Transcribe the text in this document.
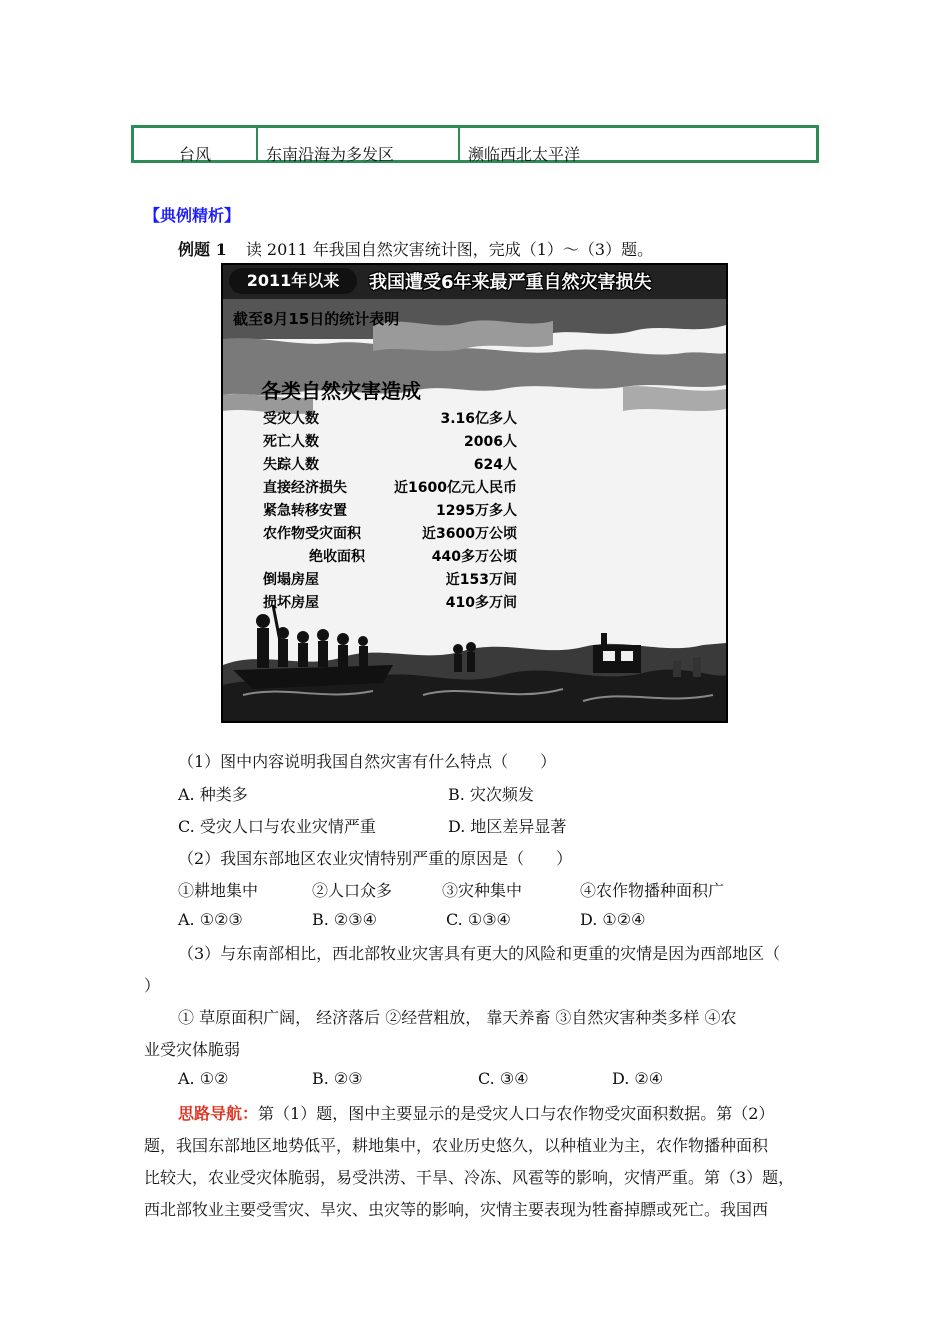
台风	东南沿海为多发区	濒临西北太平洋
【典例精析】
例题 1 读 2011 年我国自然灾害统计图，完成（1）～（3）题。
2011年以来	我国遭受6年来最严重自然灾害损失
截至8月15日的统计表明
各类自然灾害造成
受灾人数	3.16亿多人
死亡人数	2006人
失踪人数	624人
直接经济损失	近1600亿元人民币
紧急转移安置	1295万多人
农作物受灾面积	近3600万公顷
绝收面积	440多万公顷
倒塌房屋	近153万间
损坏房屋	410多万间
（1）图中内容说明我国自然灾害有什么特点（　　）
A. 种类多	B. 灾次频发
C. 受灾人口与农业灾情严重	D. 地区差异显著
（2）我国东部地区农业灾情特别严重的原因是（　　）
①耕地集中	②人口众多	③灾种集中	④农作物播种面积广
A. ①②③	B. ②③④	C. ①③④	D. ①②④
（3）与东南部相比，西北部牧业灾害具有更大的风险和更重的灾情是因为西部地区（
）
① 草原面积广阔， 经济落后 ②经营粗放， 靠天养畜 ③自然灾害种类多样 ④农
业受灾体脆弱
A. ①②	B. ②③	C. ③④	D. ②④
思路导航：第（1）题，图中主要显示的是受灾人口与农作物受灾面积数据。第（2）
题，我国东部地区地势低平，耕地集中，农业历史悠久，以种植业为主，农作物播种面积
比较大，农业受灾体脆弱，易受洪涝、干旱、冷冻、风雹等的影响，灾情严重。第（3）题，
西北部牧业主要受雪灾、旱灾、虫灾等的影响，灾情主要表现为牲畜掉膘或死亡。我国西
